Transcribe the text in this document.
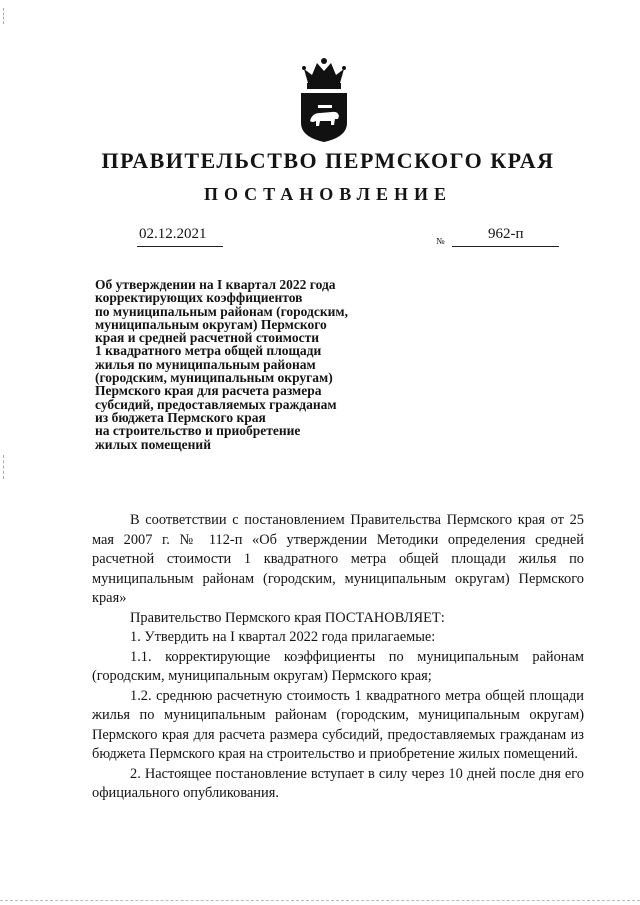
ПРАВИТЕЛЬСТВО ПЕРМСКОГО КРАЯ
ПОСТАНОВЛЕНИЕ
02.12.2021	№	962-п
Об утверждении на I квартал 2022 года
корректирующих коэффициентов
по муниципальным районам (городским,
муниципальным округам) Пермского
края и средней расчетной стоимости
1 квадратного метра общей площади
жилья по муниципальным районам
(городским, муниципальным округам)
Пермского края для расчета размера
субсидий, предоставляемых гражданам
из бюджета Пермского края
на строительство и приобретение
жилых помещений

В соответствии с постановлением Правительства Пермского края от 25 мая 2007 г. № 112-п «Об утверждении Методики определения средней расчетной стоимости 1 квадратного метра общей площади жилья по муниципальным районам (городским, муниципальным округам) Пермского края»

Правительство Пермского края ПОСТАНОВЛЯЕТ:

1. Утвердить на I квартал 2022 года прилагаемые:

1.1. корректирующие коэффициенты по муниципальным районам (городским, муниципальным округам) Пермского края;

1.2. среднюю расчетную стоимость 1 квадратного метра общей площади жилья по муниципальным районам (городским, муниципальным округам) Пермского края для расчета размера субсидий, предоставляемых гражданам из бюджета Пермского края на строительство и приобретение жилых помещений.

2. Настоящее постановление вступает в силу через 10 дней после дня его официального опубликования.
